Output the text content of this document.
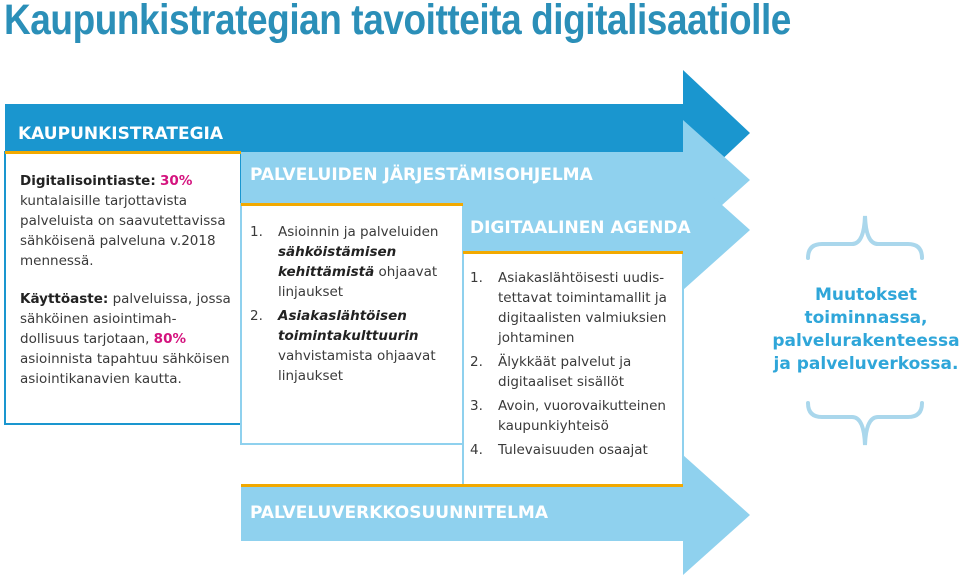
Kaupunkistrategian tavoitteita digitalisaatiolle
KAUPUNKISTRATEGIA
PALVELUIDEN JÄRJESTÄMISOHJELMA
DIGITAALINEN AGENDA
PALVELUVERKKOSUUNNITELMA

Digitalisointiaste: 30% kuntalaisille tarjottavista palveluista on saavutettavissa sähköisenä palveluna v.2018 mennessä.

Käyttöaste: palveluissa, jossa sähköinen asiointimah- dollisuus tarjotaan, 80% asioinnista tapahtuu sähköisen asiointikanavien kautta.

1. Asioinnin ja palveluiden sähköistämisen kehittämistä ohjaavat linjaukset
2. Asiakaslähtöisen toimintakulttuurin vahvistamista ohjaavat linjaukset
1. Asiakaslähtöisesti uudis- tettavat toimintamallit ja digitaalisten valmiuksien johtaminen
2. Älykkäät palvelut ja digitaaliset sisällöt
3. Avoin, vuorovaikutteinen kaupunkiyhteisö
4. Tulevaisuuden osaajat
Muutokset
toiminnassa,
palvelurakenteessa
ja palveluverkossa.
